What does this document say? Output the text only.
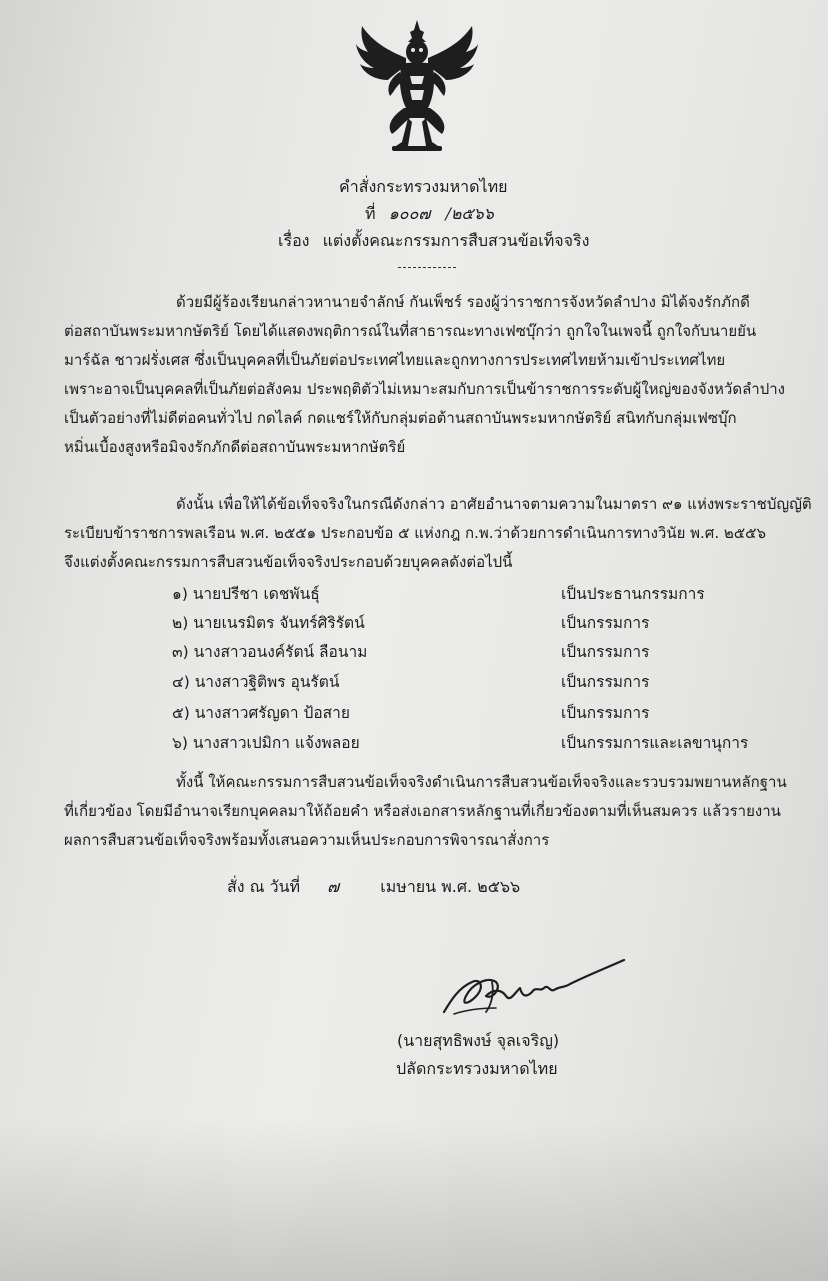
คำสั่งกระทรวงมหาดไทย
ที่ ๑๐๐๗ /๒๕๖๖
เรื่อง แต่งตั้งคณะกรรมการสืบสวนข้อเท็จจริง
ด้วยมีผู้ร้องเรียนกล่าวหานายจำลักษ์ กันเพ็ชร์ รองผู้ว่าราชการจังหวัดลำปาง มิได้จงรักภักดี
ต่อสถาบันพระมหากษัตริย์ โดยได้แสดงพฤติการณ์ในที่สาธารณะทางเฟซบุ๊กว่า ถูกใจในเพจนี้ ถูกใจกับนายยัน
มาร์ฉัล ชาวฝรั่งเศส ซึ่งเป็นบุคคลที่เป็นภัยต่อประเทศไทยและถูกทางการประเทศไทยห้ามเข้าประเทศไทย
เพราะอาจเป็นบุคคลที่เป็นภัยต่อสังคม ประพฤติตัวไม่เหมาะสมกับการเป็นข้าราชการระดับผู้ใหญ่ของจังหวัดลำปาง
เป็นตัวอย่างที่ไม่ดีต่อคนทั่วไป กดไลค์ กดแชร์ให้กับกลุ่มต่อต้านสถาบันพระมหากษัตริย์ สนิทกับกลุ่มเฟซบุ๊ก
หมิ่นเบื้องสูงหรือมิจงรักภักดีต่อสถาบันพระมหากษัตริย์
ดังนั้น เพื่อให้ได้ข้อเท็จจริงในกรณีดังกล่าว อาศัยอำนาจตามความในมาตรา ๙๑ แห่งพระราชบัญญัติ
ระเบียบข้าราชการพลเรือน พ.ศ. ๒๕๕๑ ประกอบข้อ ๕ แห่งกฎ ก.พ.ว่าด้วยการดำเนินการทางวินัย พ.ศ. ๒๕๕๖
จึงแต่งตั้งคณะกรรมการสืบสวนข้อเท็จจริงประกอบด้วยบุคคลดังต่อไปนี้
๑) นายปรีชา เดชพันธุ์	เป็นประธานกรรมการ
๒) นายเนรมิตร จันทร์ศิริรัตน์	เป็นกรรมการ
๓) นางสาวอนงค์รัตน์ ลือนาม	เป็นกรรมการ
๔) นางสาวฐิติพร อุนรัตน์	เป็นกรรมการ
๕) นางสาวศรัญดา ป้อสาย	เป็นกรรมการ
๖) นางสาวเปมิกา แจ้งพลอย	เป็นกรรมการและเลขานุการ
ทั้งนี้ ให้คณะกรรมการสืบสวนข้อเท็จจริงดำเนินการสืบสวนข้อเท็จจริงและรวบรวมพยานหลักฐาน
ที่เกี่ยวข้อง โดยมีอำนาจเรียกบุคคลมาให้ถ้อยคำ หรือส่งเอกสารหลักฐานที่เกี่ยวข้องตามที่เห็นสมควร แล้วรายงาน
ผลการสืบสวนข้อเท็จจริงพร้อมทั้งเสนอความเห็นประกอบการพิจารณาสั่งการ
สั่ง ณ วันที่ ๗	เมษายน พ.ศ. ๒๕๖๖
(นายสุทธิพงษ์ จุลเจริญ)
ปลัดกระทรวงมหาดไทย
